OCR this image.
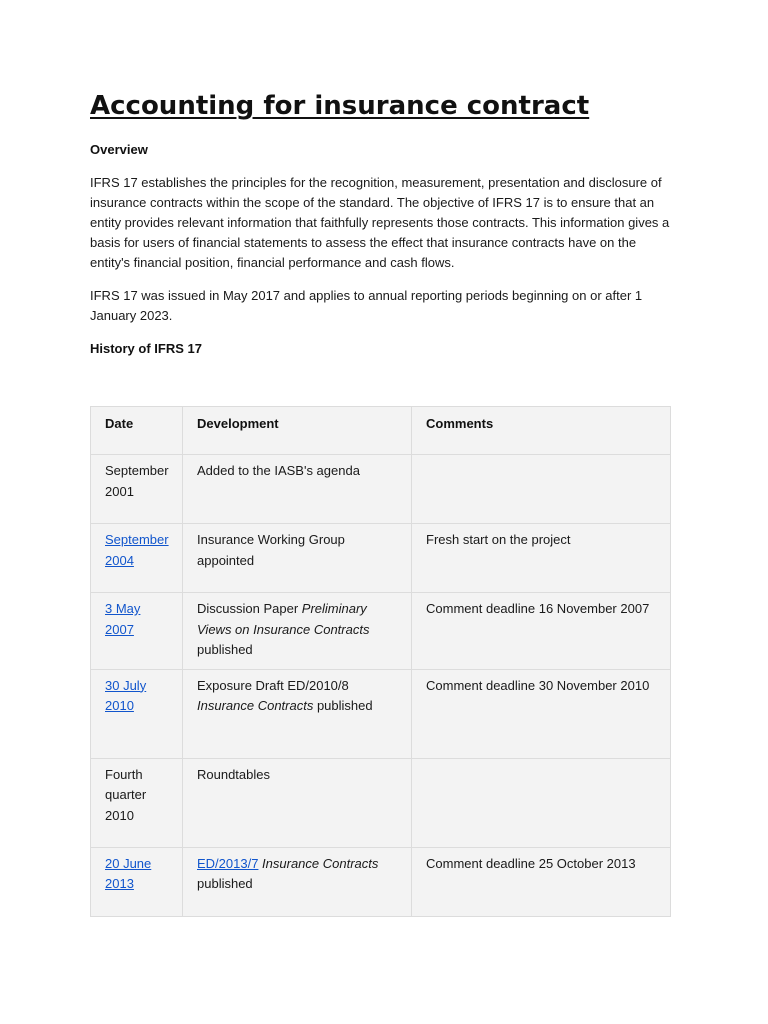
Accounting for insurance contract

Overview

IFRS 17 establishes the principles for the recognition, measurement, presentation and disclosure of insurance contracts within the scope of the standard. The objective of IFRS 17 is to ensure that an entity provides relevant information that faithfully represents those contracts. This information gives a basis for users of financial statements to assess the effect that insurance contracts have on the entity's financial position, financial performance and cash flows.

IFRS 17 was issued in May 2017 and applies to annual reporting periods beginning on or after 1 January 2023.

History of IFRS 17

Date	Development	Comments
September 2001	Added to the IASB's agenda	
September 2004	Insurance Working Group appointed	Fresh start on the project
3 May 2007	Discussion Paper Preliminary Views on Insurance Contracts published	Comment deadline 16 November 2007
30 July 2010	Exposure Draft ED/2010/8 Insurance Contracts published	Comment deadline 30 November 2010
Fourth quarter 2010	Roundtables	
20 June 2013	ED/2013/7 Insurance Contracts published	Comment deadline 25 October 2013
